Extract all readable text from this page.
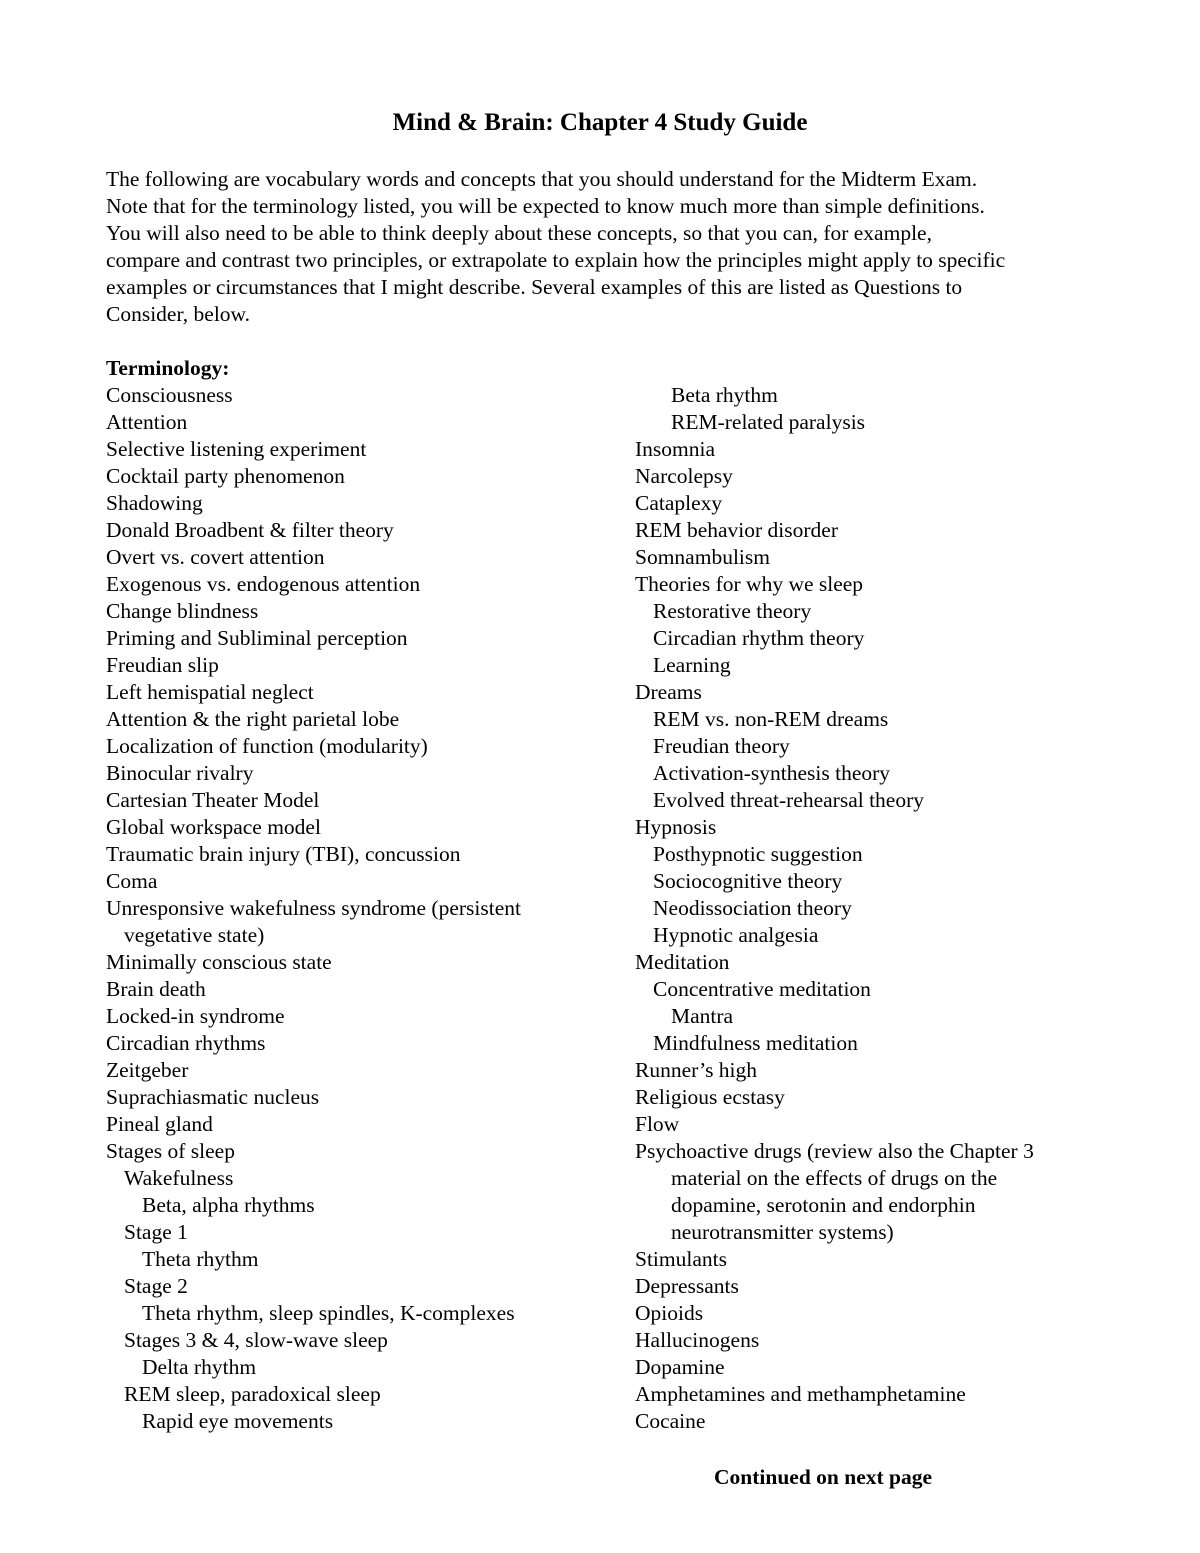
Mind & Brain: Chapter 4 Study Guide

The following are vocabulary words and concepts that you should understand for the Midterm Exam.

Note that for the terminology listed, you will be expected to know much more than simple definitions.

You will also need to be able to think deeply about these concepts, so that you can, for example,

compare and contrast two principles, or extrapolate to explain how the principles might apply to specific

examples or circumstances that I might describe. Several examples of this are listed as Questions to

Consider, below.

Terminology:
Consciousness
Attention
Selective listening experiment
Cocktail party phenomenon
Shadowing
Donald Broadbent & filter theory
Overt vs. covert attention
Exogenous vs. endogenous attention
Change blindness
Priming and Subliminal perception
Freudian slip
Left hemispatial neglect
Attention & the right parietal lobe
Localization of function (modularity)
Binocular rivalry
Cartesian Theater Model
Global workspace model
Traumatic brain injury (TBI), concussion
Coma
Unresponsive wakefulness syndrome (persistent
vegetative state)
Minimally conscious state
Brain death
Locked-in syndrome
Circadian rhythms
Zeitgeber
Suprachiasmatic nucleus
Pineal gland
Stages of sleep
Wakefulness
Beta, alpha rhythms
Stage 1
Theta rhythm
Stage 2
Theta rhythm, sleep spindles, K-complexes
Stages 3 & 4, slow-wave sleep
Delta rhythm
REM sleep, paradoxical sleep
Rapid eye movements
Beta rhythm
REM-related paralysis
Insomnia
Narcolepsy
Cataplexy
REM behavior disorder
Somnambulism
Theories for why we sleep
Restorative theory
Circadian rhythm theory
Learning
Dreams
REM vs. non-REM dreams
Freudian theory
Activation-synthesis theory
Evolved threat-rehearsal theory
Hypnosis
Posthypnotic suggestion
Sociocognitive theory
Neodissociation theory
Hypnotic analgesia
Meditation
Concentrative meditation
Mantra
Mindfulness meditation
Runner’s high
Religious ecstasy
Flow
Psychoactive drugs (review also the Chapter 3
material on the effects of drugs on the
dopamine, serotonin and endorphin
neurotransmitter systems)
Stimulants
Depressants
Opioids
Hallucinogens
Dopamine
Amphetamines and methamphetamine
Cocaine
Continued on next page
